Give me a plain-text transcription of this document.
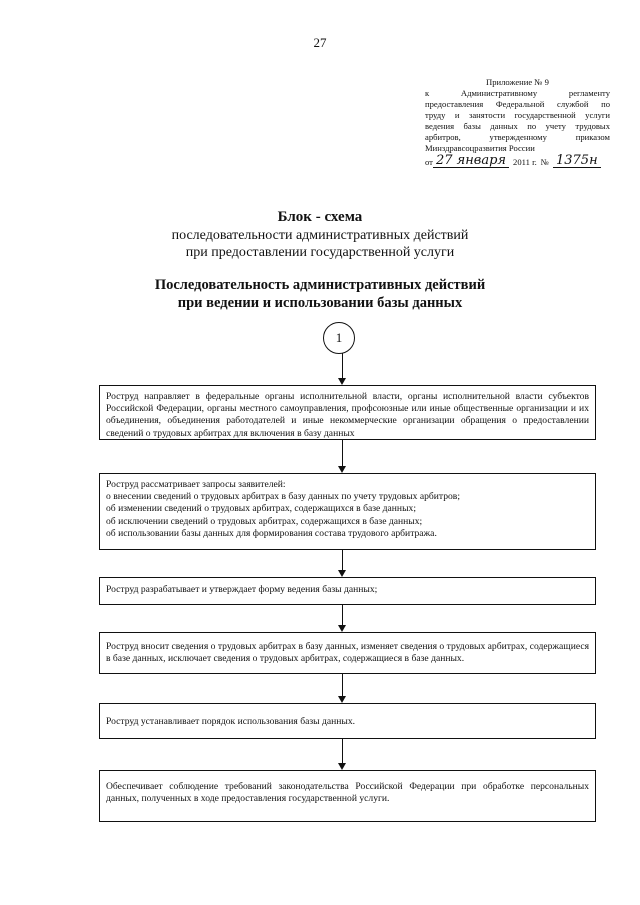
27
Приложение № 9
к Административному регламенту
предоставления Федеральной службой по
труду и занятости государственной услуги
ведения базы данных по учету трудовых
арбитров, утвержденному приказом
Минздравсоцразвития России
от 27 января 2011 г. № 1375н
Блок - схема
последовательности административных действий
при предоставлении государственной услуги
Последовательность административных действий
при ведении и использовании базы данных
1

Роструд направляет в федеральные органы исполнительной власти, органы исполнительной власти субъектов Российской Федерации, органы местного самоуправления, профсоюзные или иные общественные организации и их объединения, объединения работодателей и иные некоммерческие организации обращения о предоставлении сведений о трудовых арбитрах для включения в базу данных

Роструд рассматривает запросы заявителей:
о внесении сведений о трудовых арбитрах в базу данных по учету трудовых арбитров;
об изменении сведений о трудовых арбитрах, содержащихся в базе данных;
об исключении сведений о трудовых арбитрах, содержащихся в базе данных;
об использовании базы данных для формирования состава трудового арбитража.

Роструд разрабатывает и утверждает форму ведения базы данных;

Роструд вносит сведения о трудовых арбитрах в базу данных, изменяет сведения о трудовых арбитрах, содержащиеся в базе данных, исключает сведения о трудовых арбитрах, содержащиеся в базе данных.

Роструд устанавливает порядок использования базы данных.

Обеспечивает соблюдение требований законодательства Российской Федерации при обработке персональных данных, полученных в ходе предоставления государственной услуги.
